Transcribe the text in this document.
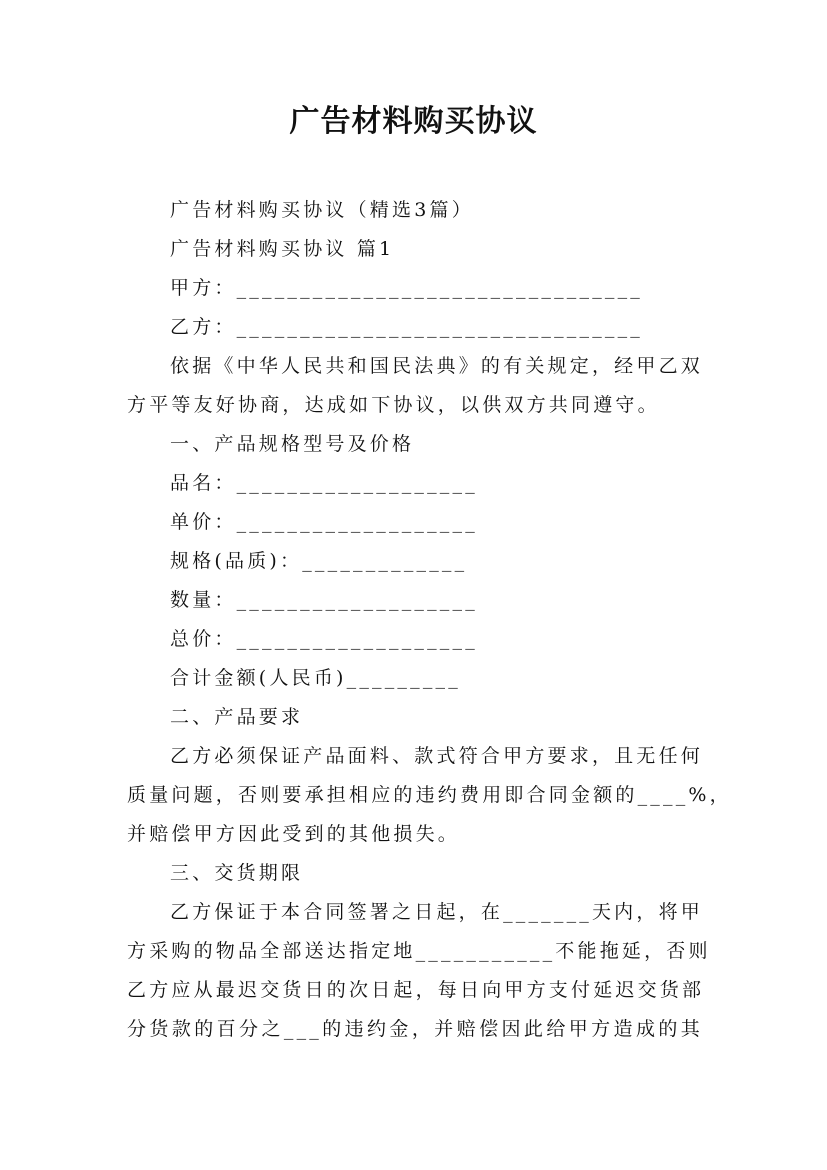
广告材料购买协议
广告材料购买协议（精选3篇）
广告材料购买协议 篇1
甲方：________________________________
乙方：________________________________
依据《中华人民共和国民法典》的有关规定，经甲乙双
方平等友好协商，达成如下协议，以供双方共同遵守。
一、产品规格型号及价格
品名：___________________
单价：___________________
规格(品质)：_____________
数量：___________________
总价：___________________
合计金额(人民币)_________
二、产品要求
乙方必须保证产品面料、款式符合甲方要求，且无任何
质量问题，否则要承担相应的违约费用即合同金额的____%，
并赔偿甲方因此受到的其他损失。
三、交货期限
乙方保证于本合同签署之日起，在_______天内，将甲
方采购的物品全部送达指定地___________不能拖延，否则
乙方应从最迟交货日的次日起，每日向甲方支付延迟交货部
分货款的百分之___的违约金，并赔偿因此给甲方造成的其
